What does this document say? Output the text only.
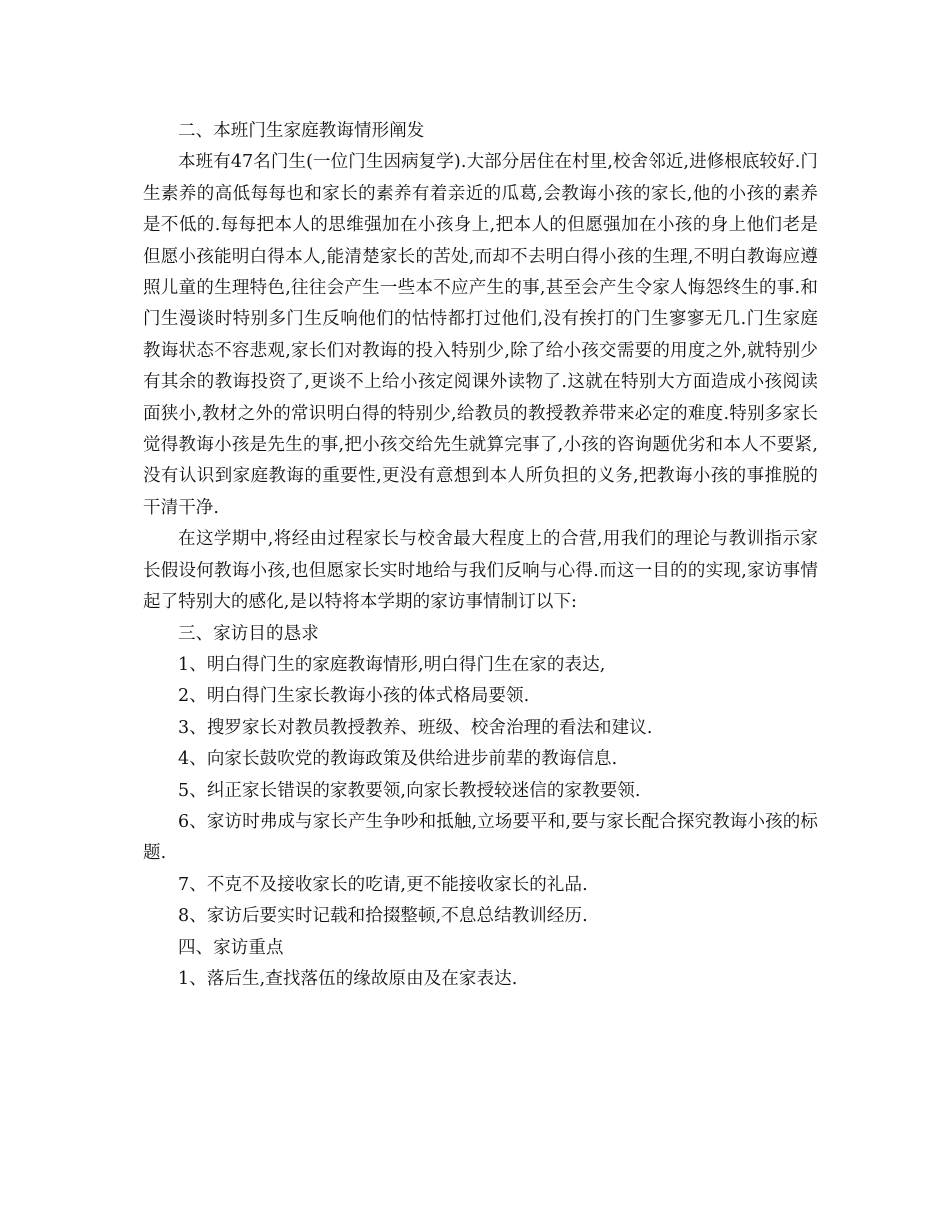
二、本班门生家庭教诲情形阐发

本班有47名门生(一位门生因病复学).大部分居住在村里,校舍邻近,进修根底较好.门生素养的高低每每也和家长的素养有着亲近的瓜葛,会教诲小孩的家长,他的小孩的素养是不低的.每每把本人的思维强加在小孩身上,把本人的但愿强加在小孩的身上他们老是但愿小孩能明白得本人,能清楚家长的苦处,而却不去明白得小孩的生理,不明白教诲应遵照儿童的生理特色,往往会产生一些本不应产生的事,甚至会产生令家人悔怨终生的事.和门生漫谈时特别多门生反响他们的怙恃都打过他们,没有挨打的门生寥寥无几.门生家庭教诲状态不容悲观,家长们对教诲的投入特别少,除了给小孩交需要的用度之外,就特别少有其余的教诲投资了,更谈不上给小孩定阅课外读物了.这就在特别大方面造成小孩阅读面狭小,教材之外的常识明白得的特别少,给教员的教授教养带来必定的难度.特别多家长觉得教诲小孩是先生的事,把小孩交给先生就算完事了,小孩的咨询题优劣和本人不要紧,没有认识到家庭教诲的重要性,更没有意想到本人所负担的义务,把教诲小孩的事推脱的干清干净.

在这学期中,将经由过程家长与校舍最大程度上的合营,用我们的理论与教训指示家长假设何教诲小孩,也但愿家长实时地给与我们反响与心得.而这一目的的实现,家访事情起了特别大的感化,是以特将本学期的家访事情制订以下:

三、家访目的恳求

1、明白得门生的家庭教诲情形,明白得门生在家的表达,

2、明白得门生家长教诲小孩的体式格局要领.

3、搜罗家长对教员教授教养、班级、校舍治理的看法和建议.

4、向家长鼓吹党的教诲政策及供给进步前辈的教诲信息.

5、纠正家长错误的家教要领,向家长教授较迷信的家教要领.

6、家访时弗成与家长产生争吵和抵触,立场要平和,要与家长配合探究教诲小孩的标题.

7、不克不及接收家长的吃请,更不能接收家长的礼品.

8、家访后要实时记载和拾掇整顿,不息总结教训经历.

四、家访重点

1、落后生,查找落伍的缘故原由及在家表达.
